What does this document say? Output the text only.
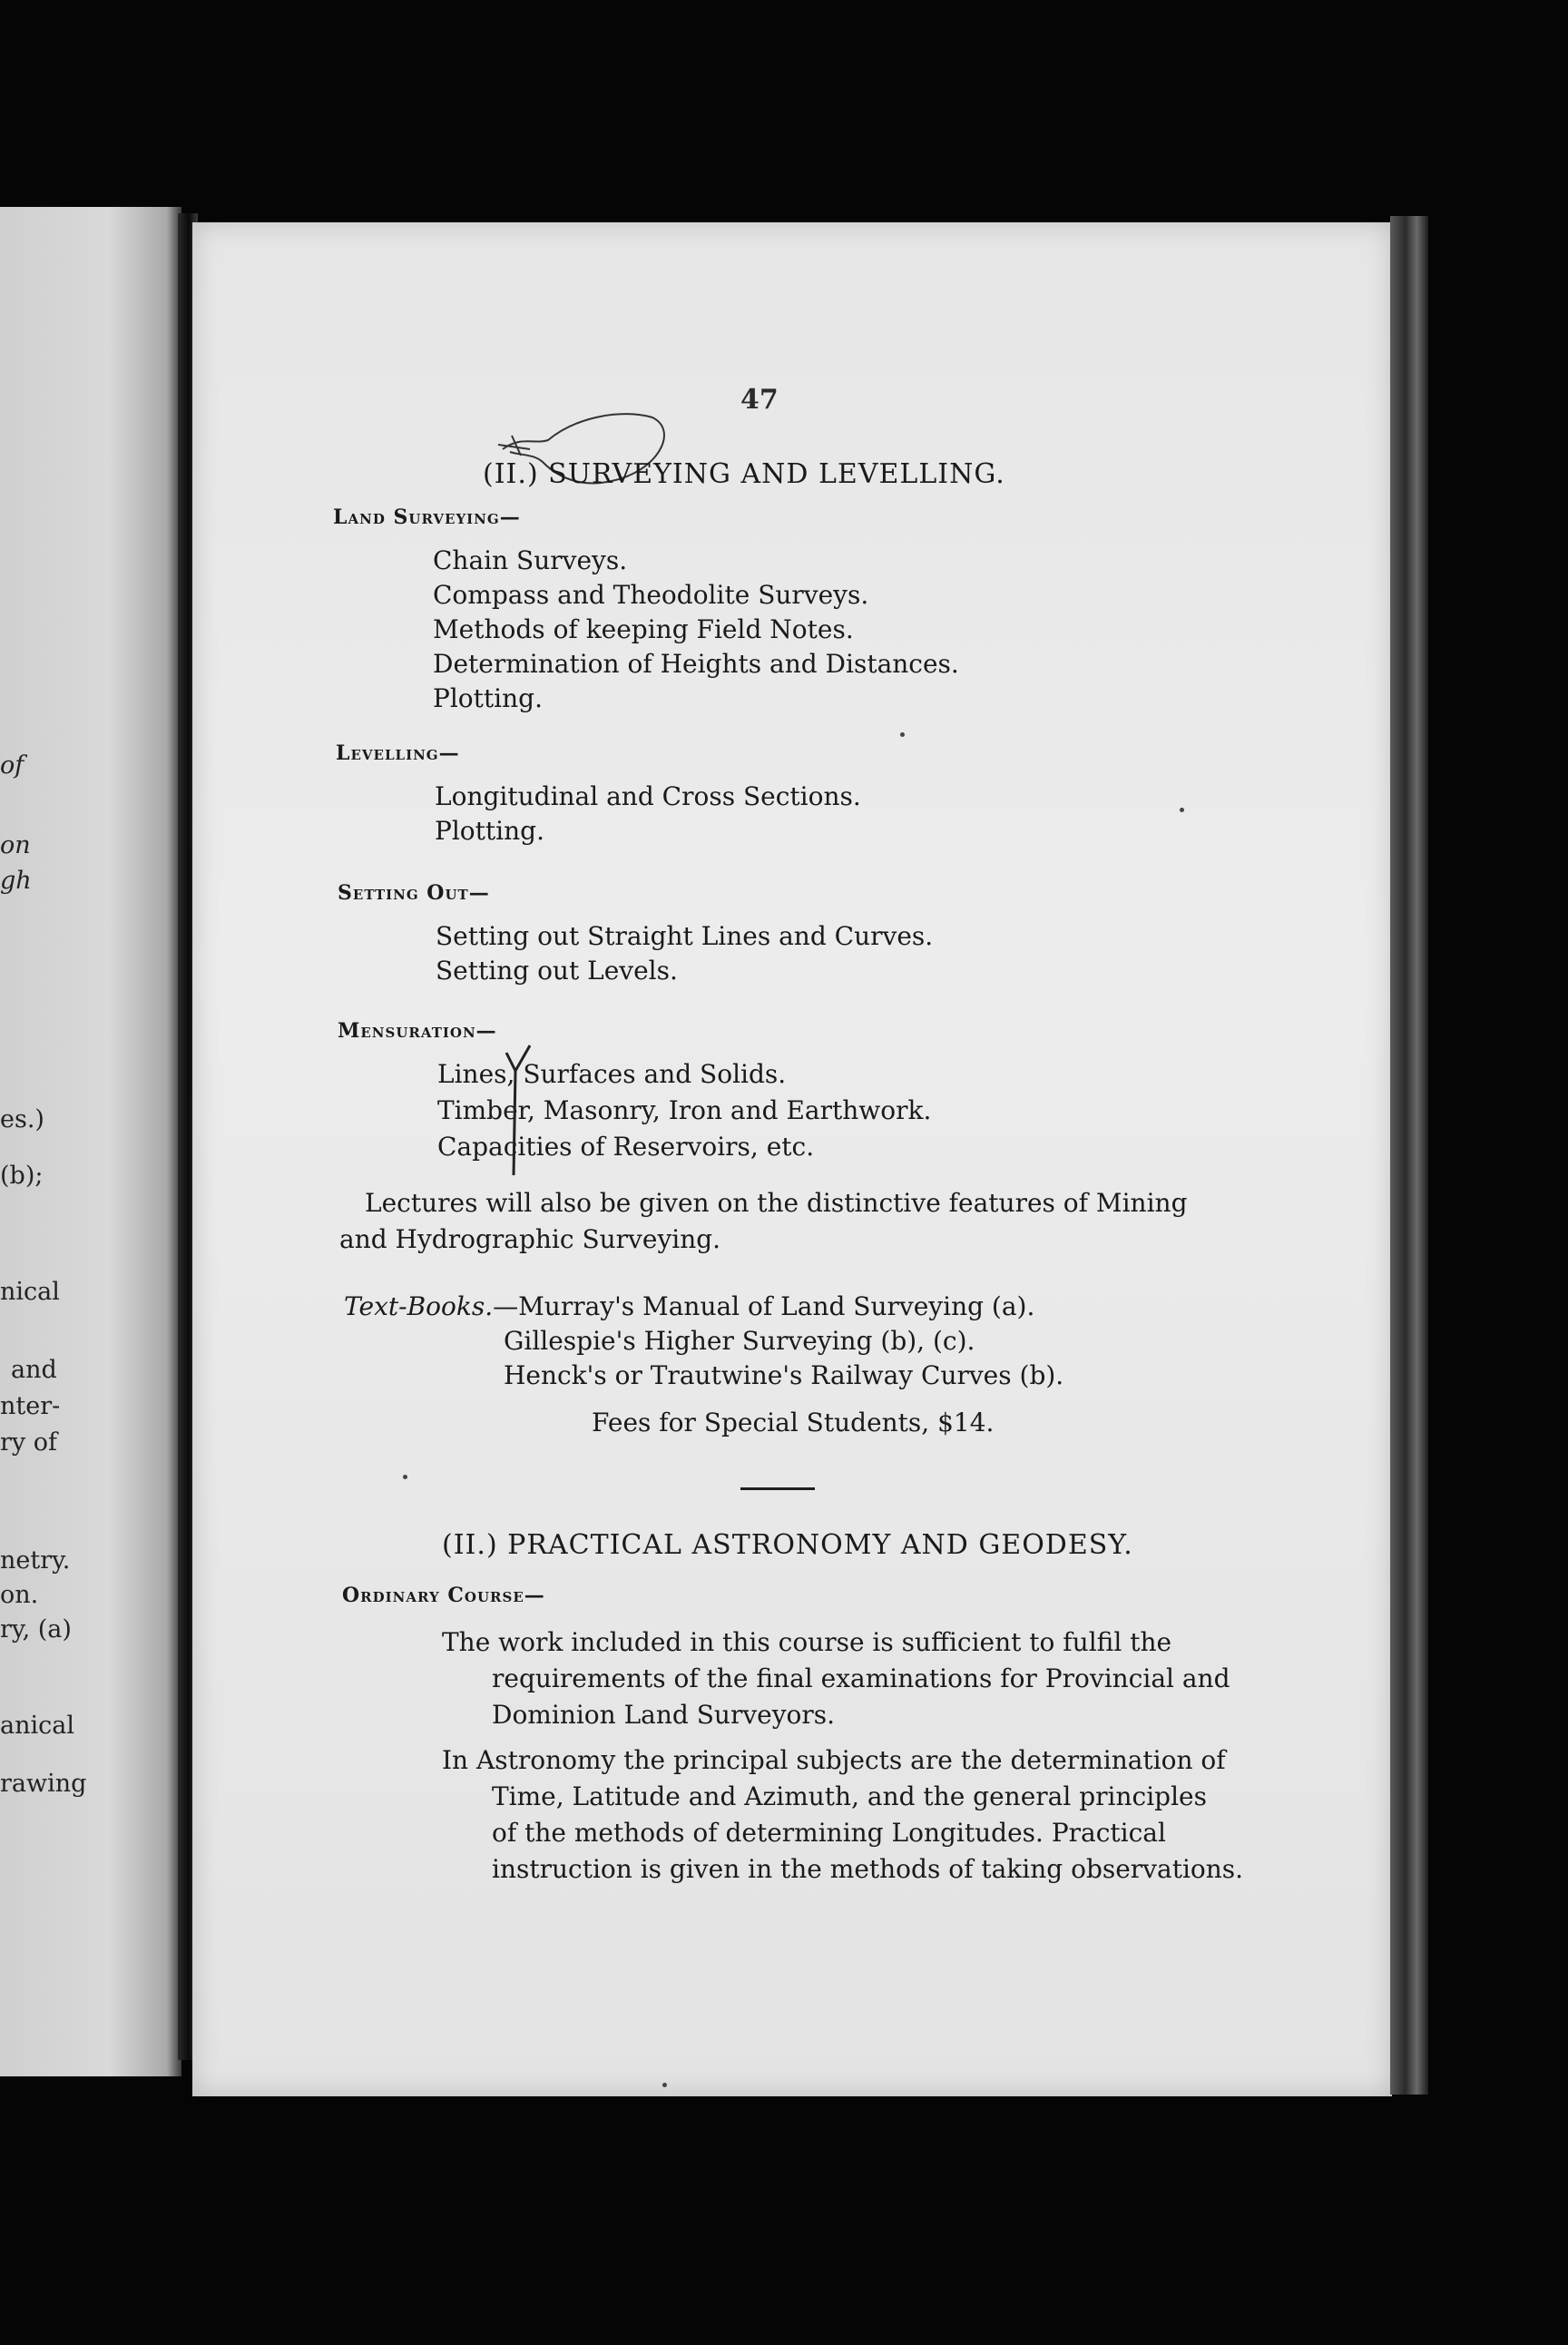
of
on
gh
es.)
(b);
nical
and
nter-
ry of
netry.
on.
ry, (a)
anical
rawing
47
(II.) SURVEYING AND LEVELLING.
Land Surveying—
Chain Surveys.
Compass and Theodolite Surveys.
Methods of keeping Field Notes.
Determination of Heights and Distances.
Plotting.
Levelling—
Longitudinal and Cross Sections.
Plotting.
Setting Out—
Setting out Straight Lines and Curves.
Setting out Levels.
Mensuration—
Lines, Surfaces and Solids.
Timber, Masonry, Iron and Earthwork.
Capacities of Reservoirs, etc.
Lectures will also be given on the distinctive features of Mining
and Hydrographic Surveying.
Text-Books.—Murray's Manual of Land Surveying (a).
Gillespie's Higher Surveying (b), (c).
Henck's or Trautwine's Railway Curves (b).
Fees for Special Students, $14.
(II.) PRACTICAL ASTRONOMY AND GEODESY.
Ordinary Course—
The work included in this course is sufficient to fulfil the
requirements of the final examinations for Provincial and
Dominion Land Surveyors.
In Astronomy the principal subjects are the determination of
Time, Latitude and Azimuth, and the general principles
of the methods of determining Longitudes. Practical
instruction is given in the methods of taking observations.
